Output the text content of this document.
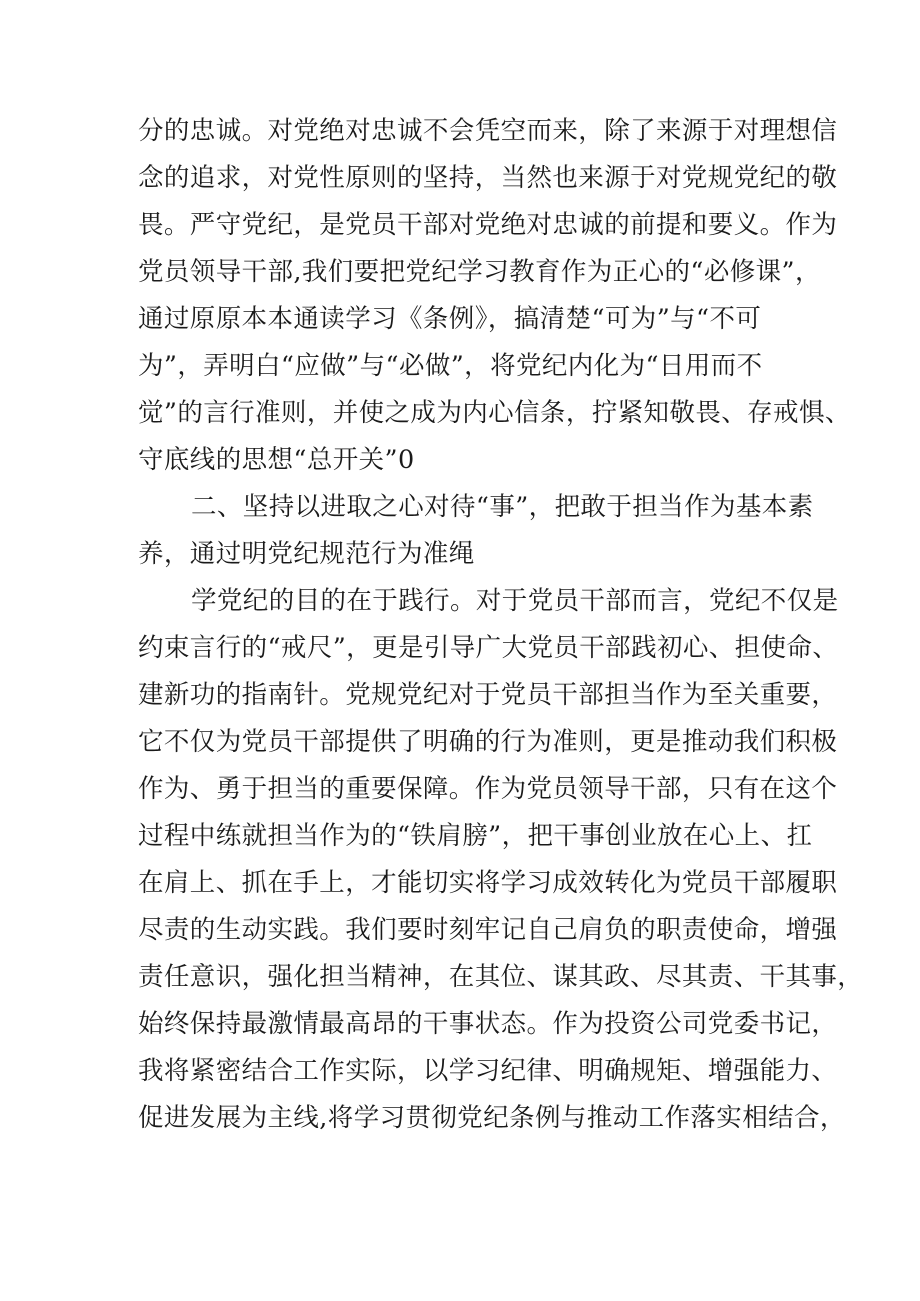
分的忠诚。对党绝对忠诚不会凭空而来，除了来源于对理想信
念的追求，对党性原则的坚持，当然也来源于对党规党纪的敬
畏。严守党纪，是党员干部对党绝对忠诚的前提和要义。作为
党员领导干部,我们要把党纪学习教育作为正心的“必修课”，
通过原原本本通读学习《条例》，搞清楚“可为”与“不可
为”，弄明白“应做”与“必做”，将党纪内化为“日用而不
觉”的言行准则，并使之成为内心信条，拧紧知敬畏、存戒惧、
守底线的思想“总开关”0
二、坚持以进取之心对待“事”，把敢于担当作为基本素
养，通过明党纪规范行为准绳
学党纪的目的在于践行。对于党员干部而言，党纪不仅是
约束言行的“戒尺”，更是引导广大党员干部践初心、担使命、
建新功的指南针。党规党纪对于党员干部担当作为至关重要，
它不仅为党员干部提供了明确的行为准则，更是推动我们积极
作为、勇于担当的重要保障。作为党员领导干部，只有在这个
过程中练就担当作为的“铁肩膀”，把干事创业放在心上、扛
在肩上、抓在手上，才能切实将学习成效转化为党员干部履职
尽责的生动实践。我们要时刻牢记自己肩负的职责使命，增强
责任意识，强化担当精神，在其位、谋其政、尽其责、干其事，
始终保持最激情最高昂的干事状态。作为投资公司党委书记，
我将紧密结合工作实际，以学习纪律、明确规矩、增强能力、
促进发展为主线,将学习贯彻党纪条例与推动工作落实相结合，
